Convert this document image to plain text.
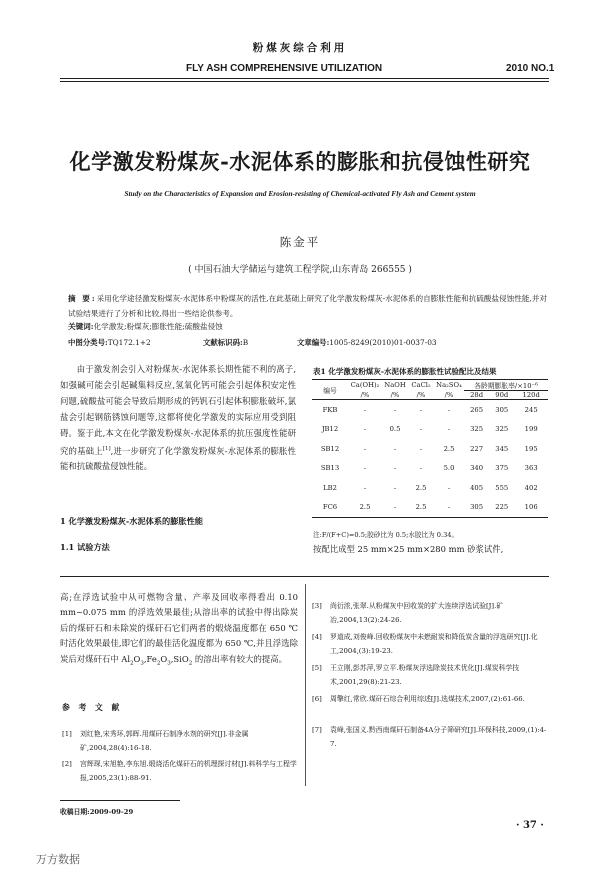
粉煤灰综合利用
FLY ASH COMPREHENSIVE UTILIZATION	2010 NO.1
化学激发粉煤灰-水泥体系的膨胀和抗侵蚀性研究
Study on the Characteristics of Expansion and Erosion-resisting of Chemical-activated Fly Ash and Cement system
陈金平
( 中国石油大学储运与建筑工程学院,山东青岛 266555 )

摘 要:采用化学途径激发粉煤灰-水泥体系中粉煤灰的活性,在此基础上研究了化学激发粉煤灰-水泥体系的自膨胀性能和抗硫酸盐侵蚀性能,并对试验结果进行了分析和比较,得出一些结论供参考。

关键词:化学激发;粉煤灰;膨胀性能;硫酸盐侵蚀

中图分类号:TQ172.1+2	文献标识码:B	文章编号:1005-8249(2010)01-0037-03

由于激发剂会引入对粉煤灰-水泥体系长期性能不利的离子,如强碱可能会引起碱集料反应,氢氧化钙可能会引起体积安定性问题,硫酸盐可能会导致后期形成的钙钒石引起体积膨胀破坏,氯盐会引起钢筋锈蚀问题等,这都将使化学激发的实际应用受到阻碍。鉴于此,本文在化学激发粉煤灰-水泥体系的抗压强度性能研究的基础上[1],进一步研究了化学激发粉煤灰-水泥体系的膨胀性能和抗硫酸盐侵蚀性能。

1 化学激发粉煤灰-水泥体系的膨胀性能

1.1 试验方法

表1 化学激发粉煤灰-水泥体系的膨胀性试验配比及结果

编号	Ca(OH)₂	NaOH	CaCl₂	Na₂SO₄	各龄期膨胀率/×10⁻⁶		
	/%	/%	/%	/%	28d	90d	120d
FKB	-	-	-	-	265	305	245
JB12	-	0.5	-	-	325	325	199
SB12	-	-	-	2.5	227	345	195
SB13	-	-	-	5.0	340	375	363
LB2	-	-	2.5	-	405	555	402
FC6	2.5	-	2.5	-	305	225	106

注:F/(F+C)=0.5;胶砂比为 0.5;水胶比为 0.34。

按配比成型 25 mm×25 mm×280 mm 砂浆试件,

高;在浮选试验中从可燃物含量、产率及回收率得看出 0.10 mm~0.075 mm 的浮选效果最佳;从溶出率的试验中得出除炭后的煤矸石和未除炭的煤矸石它们两者的煅烧温度都在 650 ℃时活化效果最佳,即它们的最佳活化温度都为 650 ℃,并且浮选除炭后对煤矸石中 $Al_2O_3,Fe_2O_3,SiO_2$ 的溶出率有较大的提高。

参 考 文 献

[1]	刘红艳,宋秀环,郭晖.用煤矸石制净水剂的研究[J].非金属矿,2004,28(4):16-18.
[2]	宫辉琛,宋旭艳,李东旭.煅烧活化煤矸石的机理探讨材[J].料科学与工程学报,2005,23(1):88-91.
[3]	尚衍浓,张翠.从粉煤灰中回收炭的扩大连续浮选试验[J].矿冶,2004,13(2):24-26.
[4]	罗道成,刘俊峰.回收粉煤灰中未燃耐炭和降低炭含量的浮选研究[J].化工,2004,(3):19-23.
[5]	王立刚,彭苏萍,罗立平.粉煤灰浮选除炭技术优化[J].煤炭科学技术,2001,29(8):21-23.
[6]	周擎红,常欣.煤矸石综合利用综述[J].选煤技术,2007,(2):61-66.
[7]	袁峰,张国义.黔西南煤矸石制备4A分子筛研究[J].环保科技,2009,(1):4-7.

收稿日期:2009-09-29

· 37 ·
万方数据
